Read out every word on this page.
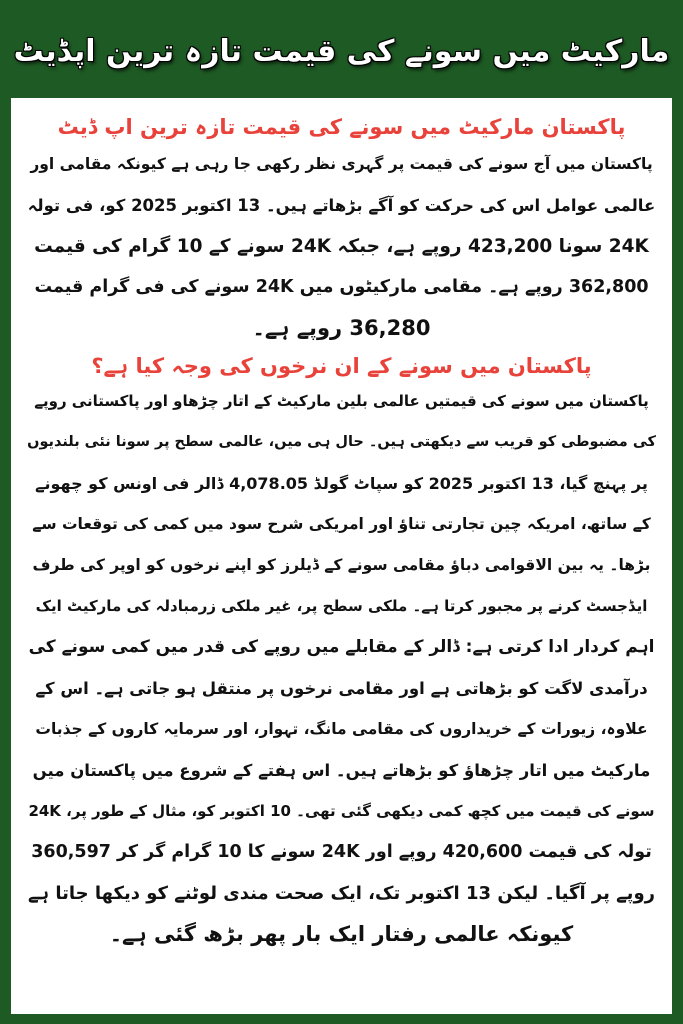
مارکیٹ میں سونے کی قیمت تازہ ترین اپڈیٹ
پاکستان مارکیٹ میں سونے کی قیمت تازہ ترین اپ ڈیٹ

پاکستان میں آج سونے کی قیمت پر گہری نظر رکھی جا رہی ہے کیونکہ مقامی اور

عالمی عوامل اس کی حرکت کو آگے بڑھاتے ہیں۔ 13 اکتوبر 2025 کو، فی تولہ

24K سونا 423,200 روپے ہے، جبکہ 24K سونے کے 10 گرام کی قیمت

362,800 روپے ہے۔ مقامی مارکیٹوں میں 24K سونے کی فی گرام قیمت

36,280 روپے ہے۔

پاکستان میں سونے کے ان نرخوں کی وجہ کیا ہے؟

پاکستان میں سونے کی قیمتیں عالمی بلین مارکیٹ کے اتار چڑھاو اور پاکستانی روپے

کی مضبوطی کو قریب سے دیکھتی ہیں۔ حال ہی میں، عالمی سطح پر سونا نئی بلندیوں

پر پہنچ گیا، 13 اکتوبر 2025 کو سپاٹ گولڈ 4,078.05 ڈالر فی اونس کو چھونے

کے ساتھ، امریکہ چین تجارتی تناؤ اور امریکی شرح سود میں کمی کی توقعات سے

بڑھا۔ یہ بین الاقوامی دباؤ مقامی سونے کے ڈیلرز کو اپنے نرخوں کو اوپر کی طرف

ایڈجسٹ کرنے پر مجبور کرتا ہے۔ ملکی سطح پر، غیر ملکی زرمبادلہ کی مارکیٹ ایک

اہم کردار ادا کرتی ہے: ڈالر کے مقابلے میں روپے کی قدر میں کمی سونے کی

درآمدی لاگت کو بڑھاتی ہے اور مقامی نرخوں پر منتقل ہو جاتی ہے۔ اس کے

علاوہ، زیورات کے خریداروں کی مقامی مانگ، تہوار، اور سرمایہ کاروں کے جذبات

مارکیٹ میں اتار چڑھاؤ کو بڑھاتے ہیں۔ اس ہفتے کے شروع میں پاکستان میں

سونے کی قیمت میں کچھ کمی دیکھی گئی تھی۔ 10 اکتوبر کو، مثال کے طور پر، 24K

تولہ کی قیمت 420,600 روپے اور 24K سونے کا 10 گرام گر کر 360,597

روپے پر آگیا۔ لیکن 13 اکتوبر تک، ایک صحت مندی لوٹنے کو دیکھا جاتا ہے

کیونکہ عالمی رفتار ایک بار پھر بڑھ گئی ہے۔
